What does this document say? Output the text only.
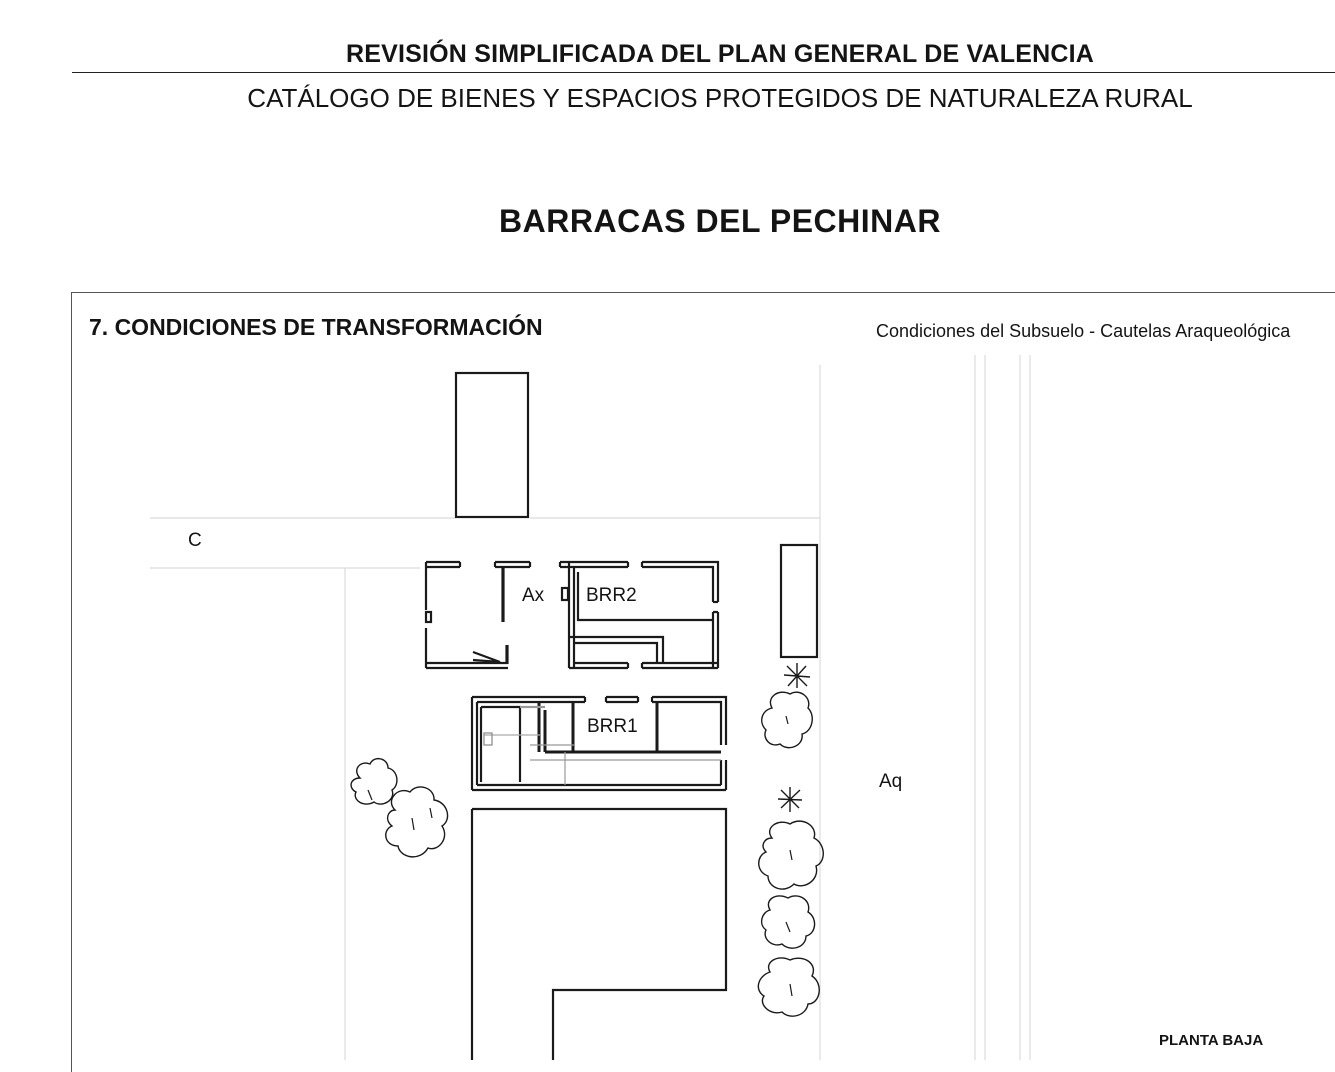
REVISIÓN SIMPLIFICADA DEL PLAN GENERAL DE VALENCIA
CATÁLOGO DE BIENES Y ESPACIOS PROTEGIDOS DE NATURALEZA RURAL
BARRACAS DEL PECHINAR
7. CONDICIONES DE TRANSFORMACIÓN	Condiciones del Subsuelo - Cautelas Araqueológica
C
Ax BRR2
BRR1
Aq
PLANTA BAJA
